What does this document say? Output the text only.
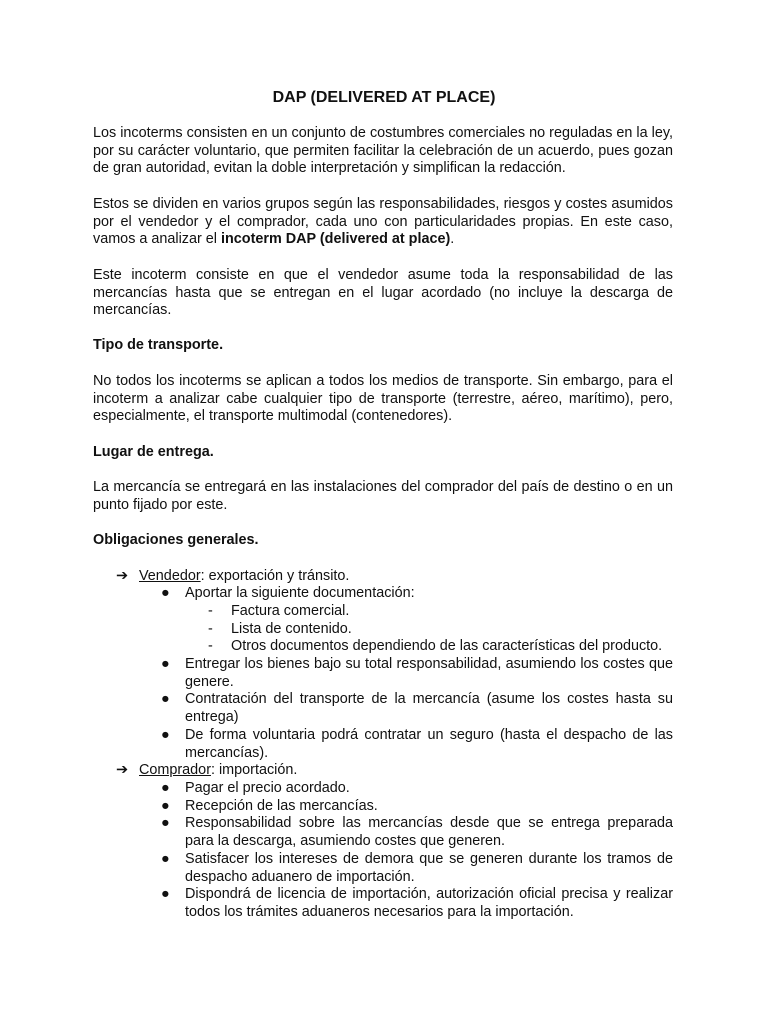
DAP (DELIVERED AT PLACE)

Los incoterms consisten en un conjunto de costumbres comerciales no reguladas en la ley, por su carácter voluntario, que permiten facilitar la celebración de un acuerdo, pues gozan de gran autoridad, evitan la doble interpretación y simplifican la redacción.

Estos se dividen en varios grupos según las responsabilidades, riesgos y costes asumidos por el vendedor y el comprador, cada uno con particularidades propias. En este caso, vamos a analizar el incoterm DAP (delivered at place).

Este incoterm consiste en que el vendedor asume toda la responsabilidad de las mercancías hasta que se entregan en el lugar acordado (no incluye la descarga de mercancías.

Tipo de transporte.

No todos los incoterms se aplican a todos los medios de transporte. Sin embargo, para el incoterm a analizar cabe cualquier tipo de transporte (terrestre, aéreo, marítimo), pero, especialmente, el transporte multimodal (contenedores).

Lugar de entrega.

La mercancía se entregará en las instalaciones del comprador del país de destino o en un punto fijado por este.

Obligaciones generales.

➔ Vendedor: exportación y tránsito.
● Aportar la siguiente documentación:
- Factura comercial.
- Lista de contenido.
- Otros documentos dependiendo de las características del producto.
● Entregar los bienes bajo su total responsabilidad, asumiendo los costes que genere.
● Contratación del transporte de la mercancía (asume los costes hasta su entrega)
● De forma voluntaria podrá contratar un seguro (hasta el despacho de las mercancías).
➔ Comprador: importación.
● Pagar el precio acordado.
● Recepción de las mercancías.
● Responsabilidad sobre las mercancías desde que se entrega preparada para la descarga, asumiendo costes que generen.
● Satisfacer los intereses de demora que se generen durante los tramos de despacho aduanero de importación.
● Dispondrá de licencia de importación, autorización oficial precisa y realizar todos los trámites aduaneros necesarios para la importación.
